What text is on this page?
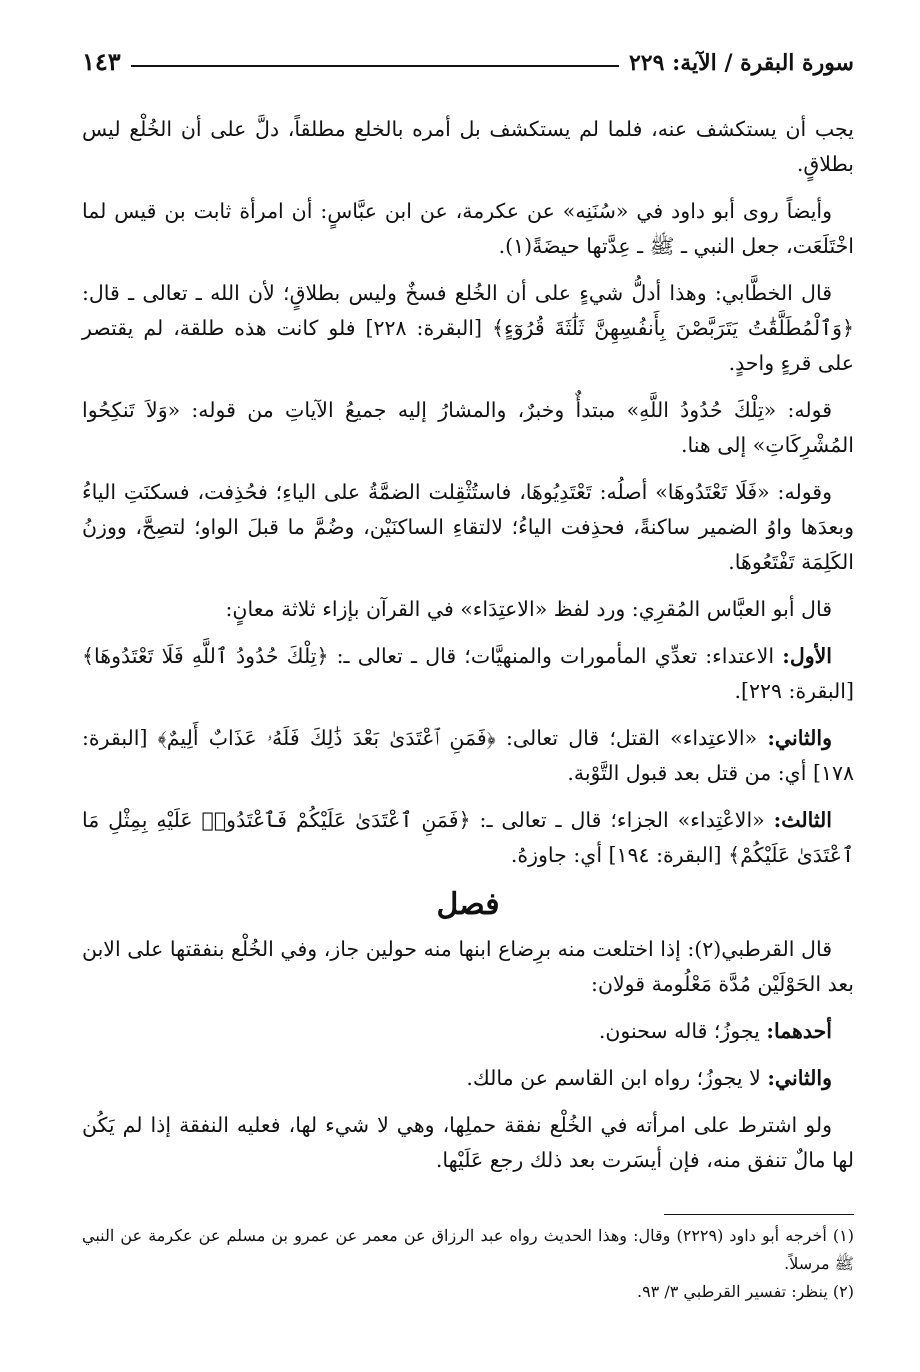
سورة البقرة / الآية: ٢٢٩
١٤٣

يجب أن يستكشف عنه، فلما لم يستكشف بل أمره بالخلع مطلقاً، دلَّ على أن الخُلْع ليس بطلاقٍ.

وأيضاً روى أبو داود في «سُنَنِه» عن عكرمة، عن ابن عبَّاسٍ: أن امرأة ثابت بن قيس لما اخْتَلَعَت، جعل النبي ـ ﷺ ـ عِدَّتها حيضَةً(١).

قال الخطَّابي: وهذا أدلُّ شيءٍ على أن الخُلع فسخٌ وليس بطلاقٍ؛ لأن الله ـ تعالى ـ قال: ﴿وَٱلْمُطَلَّقَٰتُ يَتَرَبَّصْنَ بِأَنفُسِهِنَّ ثَلَٰثَةَ قُرُوٓءٍ﴾ [البقرة: ٢٢٨] فلو كانت هذه طلقة، لم يقتصر على قرءٍ واحدٍ.

قوله: «تِلْكَ حُدُودُ اللَّهِ» مبتدأٌ وخبرٌ، والمشارُ إليه جميعُ الآياتِ من قوله: «وَلاَ تَنكِحُوا المُشْرِكَاتِ» إلى هنا.

وقوله: «فَلَا تَعْتَدُوهَا» أصلُه: تَعْتَدِيُوهَا، فاستُثْقِلت الضمَّةُ على الياءِ؛ فحُذِفت، فسكنَتِ الياءُ وبعدَها واوُ الضمير ساكنةً، فحذِفت الياءُ؛ لالتقاءِ الساكنَيْن، وضُمَّ ما قبلَ الواو؛ لتصِحَّ، ووزنُ الكَلِمَة تَفْتَعُوهَا.

قال أبو العبَّاس المُقرِي: ورد لفظ «الاعتِدَاء» في القرآن بإزاء ثلاثة معانٍ:

الأول: الاعتداء: تعدِّي المأمورات والمنهيَّات؛ قال ـ تعالى ـ: ﴿تِلْكَ حُدُودُ ٱللَّهِ فَلَا تَعْتَدُوهَا﴾ [البقرة: ٢٢٩].

والثاني: «الاعتِداء» القتل؛ قال تعالى: ﴿فَمَنِ ٱعْتَدَىٰ بَعْدَ ذَٰلِكَ فَلَهُۥ عَذَابٌ أَلِيمٌ﴾ [البقرة: ١٧٨] أي: من قتل بعد قبول التَّوْبة.

الثالث: «الاعْتِداء» الجزاء؛ قال ـ تعالى ـ: ﴿فَمَنِ ٱعْتَدَىٰ عَلَيْكُمْ فَٱعْتَدُوا۟ عَلَيْهِ بِمِثْلِ مَا ٱعْتَدَىٰ عَلَيْكُمْ﴾ [البقرة: ١٩٤] أي: جاوزهُ.

فصل

قال القرطبي(٢): إذا اختلعت منه برِضاع ابنها منه حولين جاز، وفي الخُلْع بنفقتها على الابن بعد الحَوْلَيْن مُدَّة مَعْلُومة قولان:

أحدهما: يجوزُ؛ قاله سحنون.

والثاني: لا يجوزُ؛ رواه ابن القاسم عن مالك.

ولو اشترط على امرأته في الخُلْع نفقة حملِها، وهي لا شيء لها، فعليه النفقة إذا لم يَكُن لها مالٌ تنفق منه، فإن أيسَرت بعد ذلك رجع عَلَيْها.

(١) أخرجه أبو داود (٢٢٢٩) وقال: وهذا الحديث رواه عبد الرزاق عن معمر عن عمرو بن مسلم عن عكرمة عن النبي ﷺ مرسلاً.
(٢) ينظر: تفسير القرطبي ٣/ ٩٣.
